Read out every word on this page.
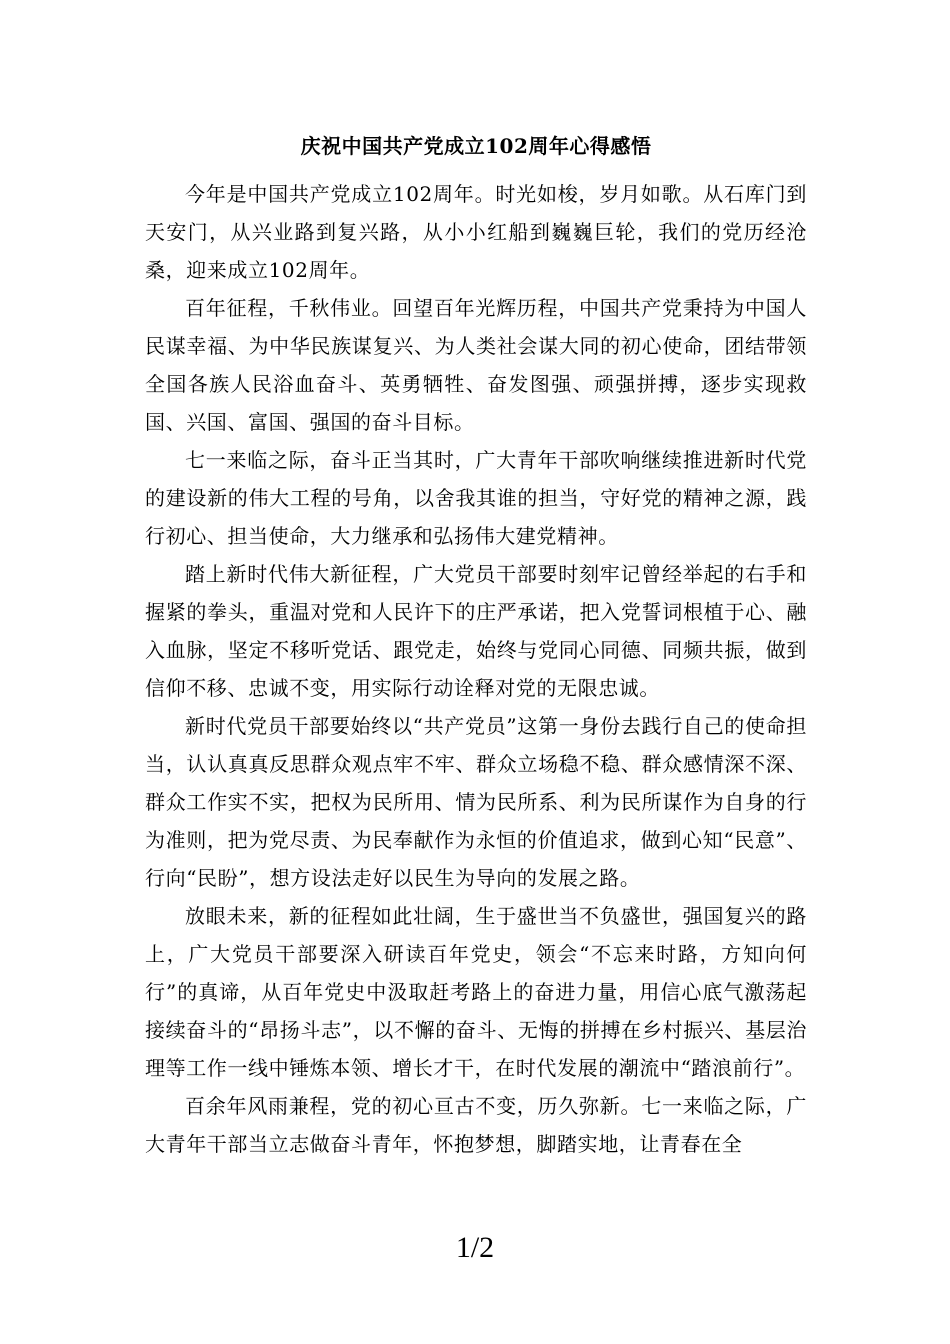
庆祝中国共产党成立102周年心得感悟

今年是中国共产党成立102周年。时光如梭，岁月如歌。从石库门到天安门，从兴业路到复兴路，从小小红船到巍巍巨轮，我们的党历经沧桑，迎来成立102周年。

百年征程，千秋伟业。回望百年光辉历程，中国共产党秉持为中国人民谋幸福、为中华民族谋复兴、为人类社会谋大同的初心使命，团结带领全国各族人民浴血奋斗、英勇牺牲、奋发图强、顽强拼搏，逐步实现救国、兴国、富国、强国的奋斗目标。

七一来临之际，奋斗正当其时，广大青年干部吹响继续推进新时代党的建设新的伟大工程的号角，以舍我其谁的担当，守好党的精神之源，践行初心、担当使命，大力继承和弘扬伟大建党精神。

踏上新时代伟大新征程，广大党员干部要时刻牢记曾经举起的右手和握紧的拳头，重温对党和人民许下的庄严承诺，把入党誓词根植于心、融入血脉，坚定不移听党话、跟党走，始终与党同心同德、同频共振，做到信仰不移、忠诚不变，用实际行动诠释对党的无限忠诚。

新时代党员干部要始终以“共产党员”这第一身份去践行自己的使命担当，认认真真反思群众观点牢不牢、群众立场稳不稳、群众感情深不深、群众工作实不实，把权为民所用、情为民所系、利为民所谋作为自身的行为准则，把为党尽责、为民奉献作为永恒的价值追求，做到心知“民意”、行向“民盼”，想方设法走好以民生为导向的发展之路。

放眼未来，新的征程如此壮阔，生于盛世当不负盛世，强国复兴的路上，广大党员干部要深入研读百年党史，领会“不忘来时路，方知向何行”的真谛，从百年党史中汲取赶考路上的奋进力量，用信心底气激荡起接续奋斗的“昂扬斗志”，以不懈的奋斗、无悔的拼搏在乡村振兴、基层治理等工作一线中锤炼本领、增长才干，在时代发展的潮流中“踏浪前行”。

百余年风雨兼程，党的初心亘古不变，历久弥新。七一来临之际，广大青年干部当立志做奋斗青年，怀抱梦想，脚踏实地，让青春在全

1/2
